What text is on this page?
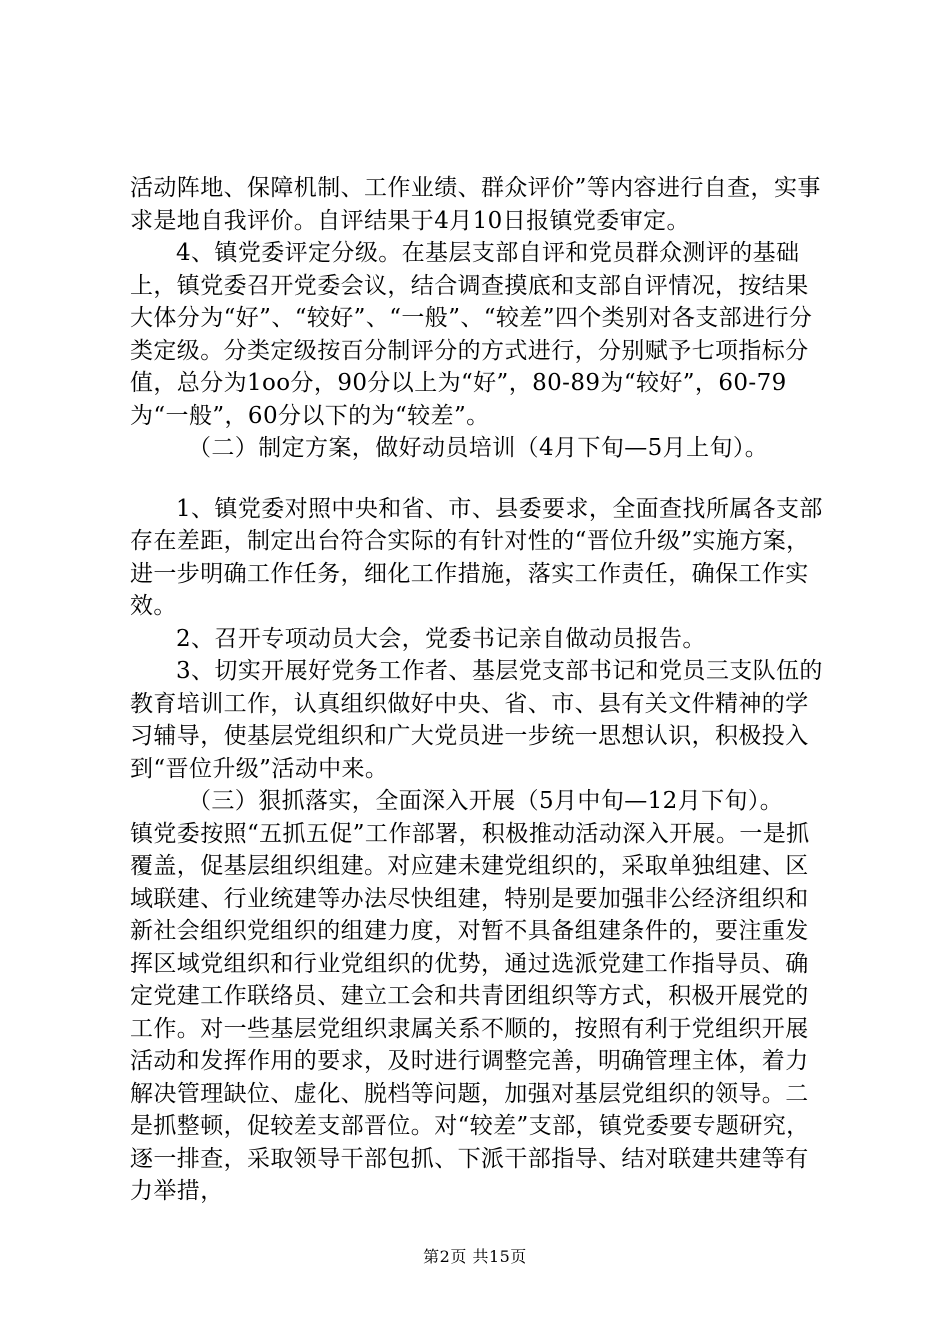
活动阵地、保障机制、工作业绩、群众评价”等内容进行自查，实事求是地自我评价。自评结果于4月10日报镇党委审定。

4、镇党委评定分级。在基层支部自评和党员群众测评的基础上，镇党委召开党委会议，结合调查摸底和支部自评情况，按结果大体分为“好”、“较好”、“一般”、“较差”四个类别对各支部进行分类定级。分类定级按百分制评分的方式进行，分别赋予七项指标分值，总分为1oo分，90分以上为“好”，80-89为“较好”，60-79为“一般”，60分以下的为“较差”。

（二）制定方案，做好动员培训（4月下旬—5月上旬）。

1、镇党委对照中央和省、市、县委要求，全面查找所属各支部存在差距，制定出台符合实际的有针对性的“晋位升级”实施方案，进一步明确工作任务，细化工作措施，落实工作责任，确保工作实效。

2、召开专项动员大会，党委书记亲自做动员报告。

3、切实开展好党务工作者、基层党支部书记和党员三支队伍的教育培训工作，认真组织做好中央、省、市、县有关文件精神的学习辅导，使基层党组织和广大党员进一步统一思想认识，积极投入到“晋位升级”活动中来。

（三）狠抓落实，全面深入开展（5月中旬—12月下旬）。

镇党委按照“五抓五促”工作部署，积极推动活动深入开展。一是抓覆盖，促基层组织组建。对应建未建党组织的，采取单独组建、区域联建、行业统建等办法尽快组建，特别是要加强非公经济组织和新社会组织党组织的组建力度，对暂不具备组建条件的，要注重发挥区域党组织和行业党组织的优势，通过选派党建工作指导员、确定党建工作联络员、建立工会和共青团组织等方式，积极开展党的工作。对一些基层党组织隶属关系不顺的，按照有利于党组织开展活动和发挥作用的要求，及时进行调整完善，明确管理主体，着力解决管理缺位、虚化、脱档等问题，加强对基层党组织的领导。二是抓整顿，促较差支部晋位。对“较差”支部，镇党委要专题研究，逐一排查，采取领导干部包抓、下派干部指导、结对联建共建等有力举措，

第2页 共15页
